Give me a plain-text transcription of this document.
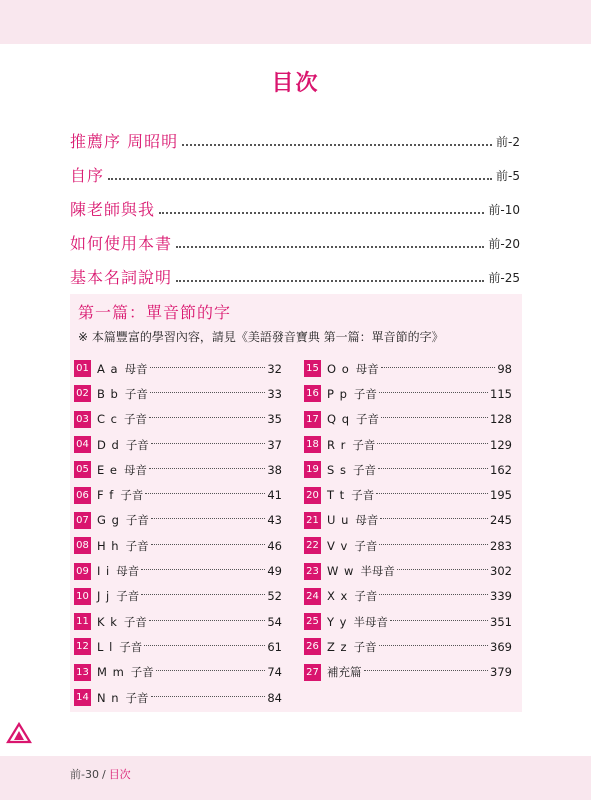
目次
推薦序 周昭明	前-2
自序	前-5
陳老師與我	前-10
如何使用本書	前-20
基本名詞說明	前-25
第一篇：單音節的字
※ 本篇豐富的學習內容，請見《美語發音寶典 第一篇：單音節的字》
01 A a 母音	32
02 B b 子音	33
03 C c 子音	35
04 D d 子音	37
05 E e 母音	38
06 F f 子音	41
07 G g 子音	43
08 H h 子音	46
09 I i 母音	49
10 J j 子音	52
11 K k 子音	54
12 L l 子音	61
13 M m 子音	74
14 N n 子音	84
15 O o 母音	98
16 P p 子音	115
17 Q q 子音	128
18 R r 子音	129
19 S s 子音	162
20 T t 子音	195
21 U u 母音	245
22 V v 子音	283
23 W w 半母音	302
24 X x 子音	339
25 Y y 半母音	351
26 Z z 子音	369
27 補充篇	379
前-30 / 目次
